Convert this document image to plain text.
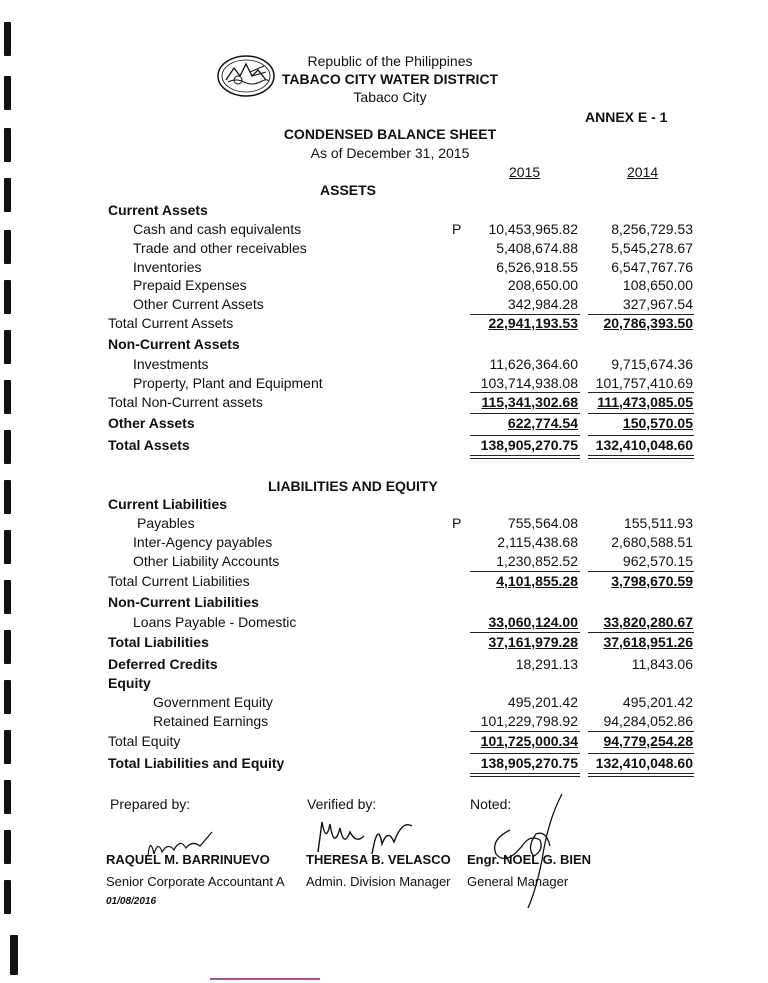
Republic of the Philippines
TABACO CITY WATER DISTRICT
Tabaco City
ANNEX E - 1
CONDENSED BALANCE SHEET
As of December 31, 2015
2015	2014
ASSETS
Current Assets
Cash and cash equivalents	P	10,453,965.82	8,256,729.53
Trade and other receivables	5,408,674.88	5,545,278.67
Inventories	6,526,918.55	6,547,767.76
Prepaid Expenses	208,650.00	108,650.00
Other Current Assets	342,984.28	327,967.54
Total Current Assets	22,941,193.53	20,786,393.50
Non-Current Assets
Investments	11,626,364.60	9,715,674.36
Property, Plant and Equipment	103,714,938.08	101,757,410.69
Total Non-Current assets	115,341,302.68	111,473,085.05
Other Assets	622,774.54	150,570.05
Total Assets	138,905,270.75	132,410,048.60
LIABILITIES AND EQUITY
Current Liabilities
Payables	P	755,564.08	155,511.93
Inter-Agency payables	2,115,438.68	2,680,588.51
Other Liability Accounts	1,230,852.52	962,570.15
Total Current Liabilities	4,101,855.28	3,798,670.59
Non-Current Liabilities
Loans Payable - Domestic	33,060,124.00	33,820,280.67
Total Liabilities	37,161,979.28	37,618,951.26
Deferred Credits	18,291.13	11,843.06
Equity
Government Equity	495,201.42	495,201.42
Retained Earnings	101,229,798.92	94,284,052.86
Total Equity	101,725,000.34	94,779,254.28
Total Liabilities and Equity	138,905,270.75	132,410,048.60
Prepared by:	Verified by:	Noted:
RAQUEL M. BARRINUEVO
Senior Corporate Accountant A
01/08/2016
THERESA B. VELASCO
Admin. Division Manager
Engr. NOEL G. BIEN
General Manager
